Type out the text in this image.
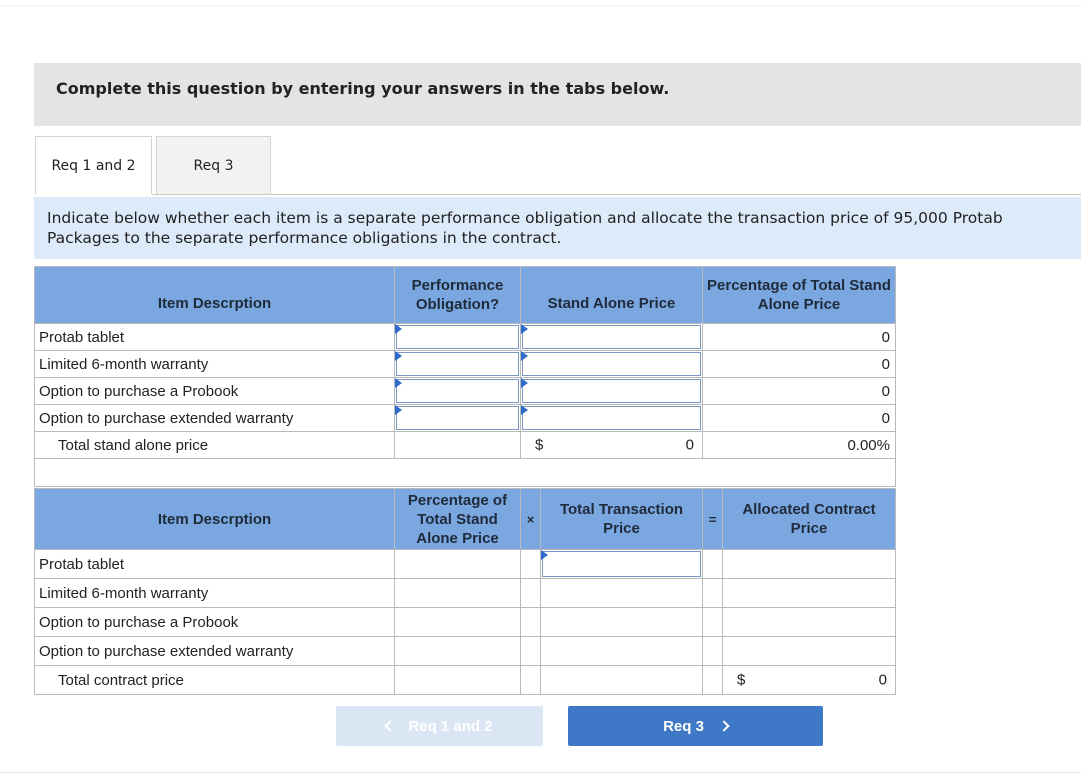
Complete this question by entering your answers in the tabs below.
Req 1 and 2	Req 3
Indicate below whether each item is a separate performance obligation and allocate the transaction price of 95,000 Protab Packages to the separate performance obligations in the contract.
Item Descrption	Performance Obligation?	Stand Alone Price	Percentage of Total Stand Alone Price
Protab tablet			0
Limited 6-month warranty			0
Option to purchase a Probook			0
Option to purchase extended warranty			0
Total stand alone price		$ 0	0.00%

Item Descrption	Percentage of Total Stand Alone Price	×	Total Transaction Price	=	Allocated Contract Price
Protab tablet			

Limited 6-month warranty					
Option to purchase a Probook					
Option to purchase extended warranty					
Total contract price					$ 0
Req 1 and 2	Req 3
